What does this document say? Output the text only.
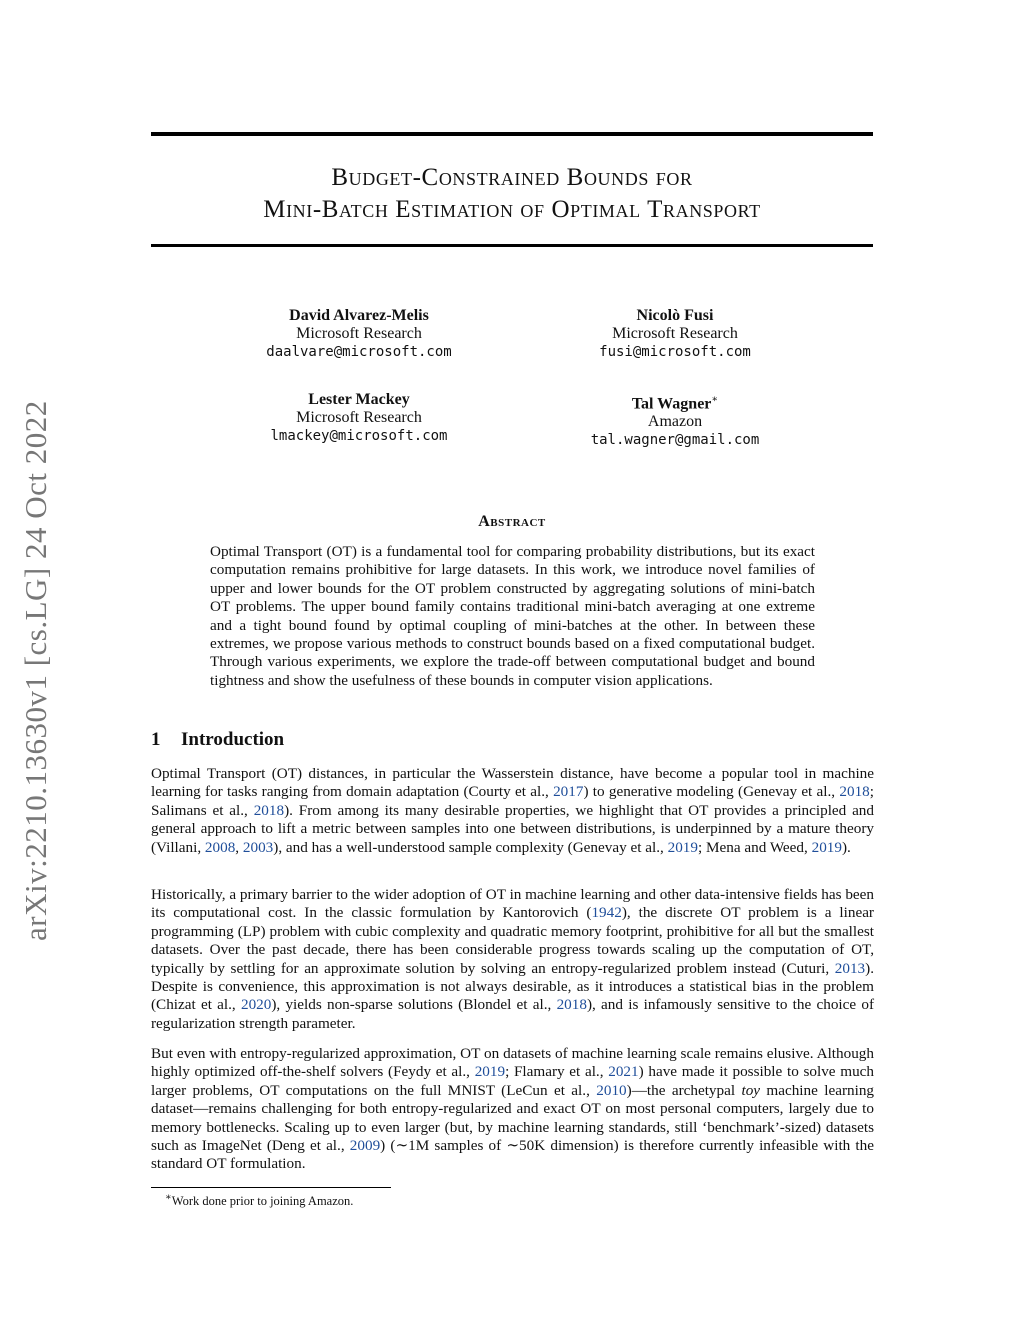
arXiv:2210.13630v1 [cs.LG] 24 Oct 2022
Budget-Constrained Bounds for
Mini-Batch Estimation of Optimal Transport
David Alvarez-Melis
Microsoft Research
daalvare@microsoft.com
Nicolò Fusi
Microsoft Research
fusi@microsoft.com
Lester Mackey
Microsoft Research
lmackey@microsoft.com
Tal Wagner∗
Amazon
tal.wagner@gmail.com
Abstract
Optimal Transport (OT) is a fundamental tool for comparing probability distributions, but its exact computation remains prohibitive for large datasets. In this work, we introduce novel families of upper and lower bounds for the OT problem constructed by aggregating solutions of mini-batch OT problems. The upper bound family contains traditional mini-batch averaging at one extreme and a tight bound found by optimal coupling of mini-batches at the other. In between these extremes, we propose various methods to construct bounds based on a fixed computational budget. Through various experiments, we explore the trade-off between computational budget and bound tightness and show the usefulness of these bounds in computer vision applications.
1 Introduction
Optimal Transport (OT) distances, in particular the Wasserstein distance, have become a popular tool in machine learning for tasks ranging from domain adaptation (Courty et al., 2017) to generative modeling (Genevay et al., 2018; Salimans et al., 2018). From among its many desirable properties, we highlight that OT provides a principled and general approach to lift a metric between samples into one between distributions, is underpinned by a mature theory (Villani, 2008, 2003), and has a well-understood sample complexity (Genevay et al., 2019; Mena and Weed, 2019).
Historically, a primary barrier to the wider adoption of OT in machine learning and other data-intensive fields has been its computational cost. In the classic formulation by Kantorovich (1942), the discrete OT problem is a linear programming (LP) problem with cubic complexity and quadratic memory footprint, prohibitive for all but the smallest datasets. Over the past decade, there has been considerable progress towards scaling up the computation of OT, typically by settling for an approximate solution by solving an entropy-regularized problem instead (Cuturi, 2013). Despite is convenience, this approximation is not always desirable, as it introduces a statistical bias in the problem (Chizat et al., 2020), yields non-sparse solutions (Blondel et al., 2018), and is infamously sensitive to the choice of regularization strength parameter.
But even with entropy-regularized approximation, OT on datasets of machine learning scale remains elusive. Although highly optimized off-the-shelf solvers (Feydy et al., 2019; Flamary et al., 2021) have made it possible to solve much larger problems, OT computations on the full MNIST (LeCun et al., 2010)—the archetypal toy machine learning dataset—remains challenging for both entropy-regularized and exact OT on most personal computers, largely due to memory bottlenecks. Scaling up to even larger (but, by machine learning standards, still ‘benchmark’-sized) datasets such as ImageNet (Deng et al., 2009) (∼1M samples of ∼50K dimension) is therefore currently infeasible with the standard OT formulation.
∗Work done prior to joining Amazon.
